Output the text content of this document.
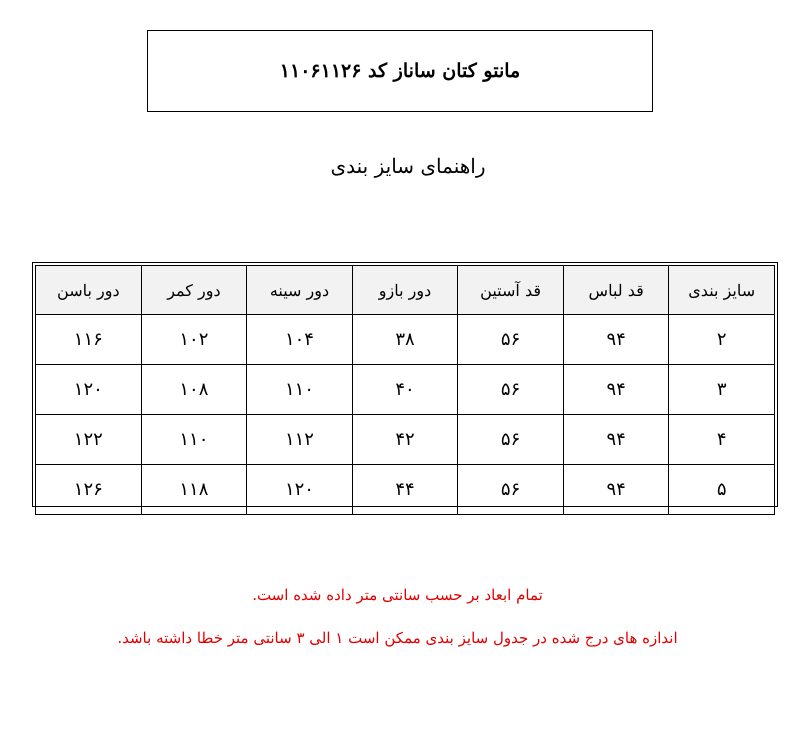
مانتو کتان ساناز کد ۱۱۰۶۱۱۲۶
راهنمای سایز بندی
سایز بندی	قد لباس	قد آستین	دور بازو	دور سینه	دور کمر	دور باسن
۲	۹۴	۵۶	۳۸	۱۰۴	۱۰۲	۱۱۶
۳	۹۴	۵۶	۴۰	۱۱۰	۱۰۸	۱۲۰
۴	۹۴	۵۶	۴۲	۱۱۲	۱۱۰	۱۲۲
۵	۹۴	۵۶	۴۴	۱۲۰	۱۱۸	۱۲۶
تمام ابعاد بر حسب سانتی متر داده شده است.
اندازه های درج شده در جدول سایز بندی ممکن است ۱ الی ۳ سانتی متر خطا داشته باشد.
